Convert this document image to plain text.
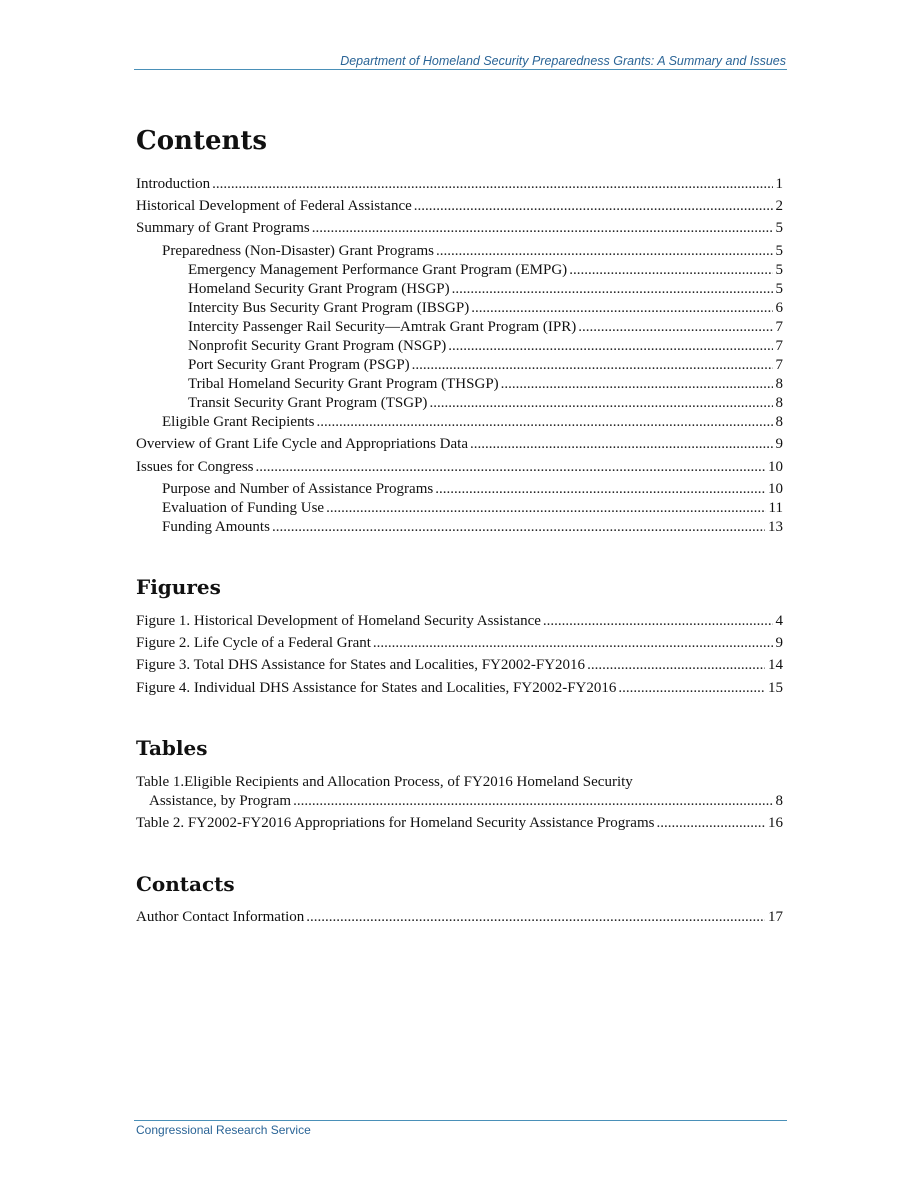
Department of Homeland Security Preparedness Grants: A Summary and Issues
Contents
Introduction .....	1
Historical Development of Federal Assistance .....	2
Summary of Grant Programs .....	5
Preparedness (Non-Disaster) Grant Programs .....	5
Emergency Management Performance Grant Program (EMPG) .....	5
Homeland Security Grant Program (HSGP) .....	5
Intercity Bus Security Grant Program (IBSGP) .....	6
Intercity Passenger Rail Security—Amtrak Grant Program (IPR) .....	7
Nonprofit Security Grant Program (NSGP) .....	7
Port Security Grant Program (PSGP) .....	7
Tribal Homeland Security Grant Program (THSGP) .....	8
Transit Security Grant Program (TSGP) .....	8
Eligible Grant Recipients .....	8
Overview of Grant Life Cycle and Appropriations Data .....	9
Issues for Congress .....	10
Purpose and Number of Assistance Programs .....	10
Evaluation of Funding Use .....	11
Funding Amounts .....	13
Figures
Figure 1. Historical Development of Homeland Security Assistance .....	4
Figure 2. Life Cycle of a Federal Grant .....	9
Figure 3. Total DHS Assistance for States and Localities, FY2002-FY2016 .....	14
Figure 4. Individual DHS Assistance for States and Localities, FY2002-FY2016 .....	15
Tables
Table 1.Eligible Recipients and Allocation Process, of FY2016 Homeland Security
Assistance, by Program .....	8
Table 2. FY2002-FY2016 Appropriations for Homeland Security Assistance Programs .....	16
Contacts
Author Contact Information .....	17
Congressional Research Service
